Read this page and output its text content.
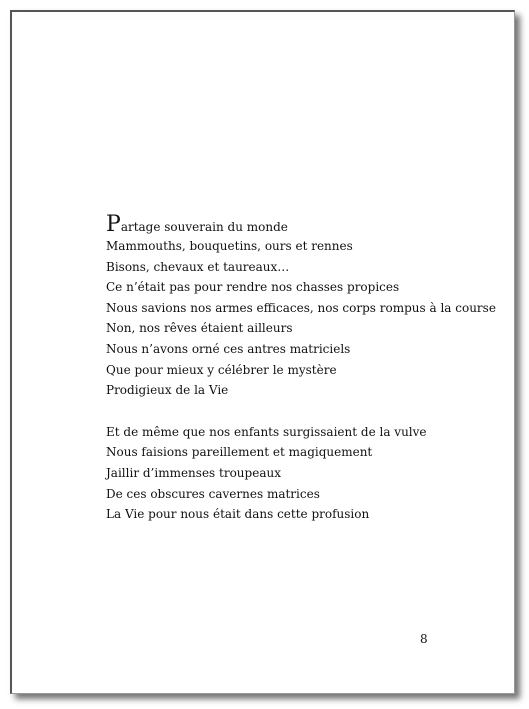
Partage souverain du monde
Mammouths, bouquetins, ours et rennes
Bisons, chevaux et taureaux…
Ce n’était pas pour rendre nos chasses propices
Nous savions nos armes efficaces, nos corps rompus à la course
Non, nos rêves étaient ailleurs
Nous n’avons orné ces antres matriciels
Que pour mieux y célébrer le mystère
Prodigieux de la Vie
Et de même que nos enfants surgissaient de la vulve
Nous faisions pareillement et magiquement
Jaillir d’immenses troupeaux
De ces obscures cavernes matrices
La Vie pour nous était dans cette profusion
8
